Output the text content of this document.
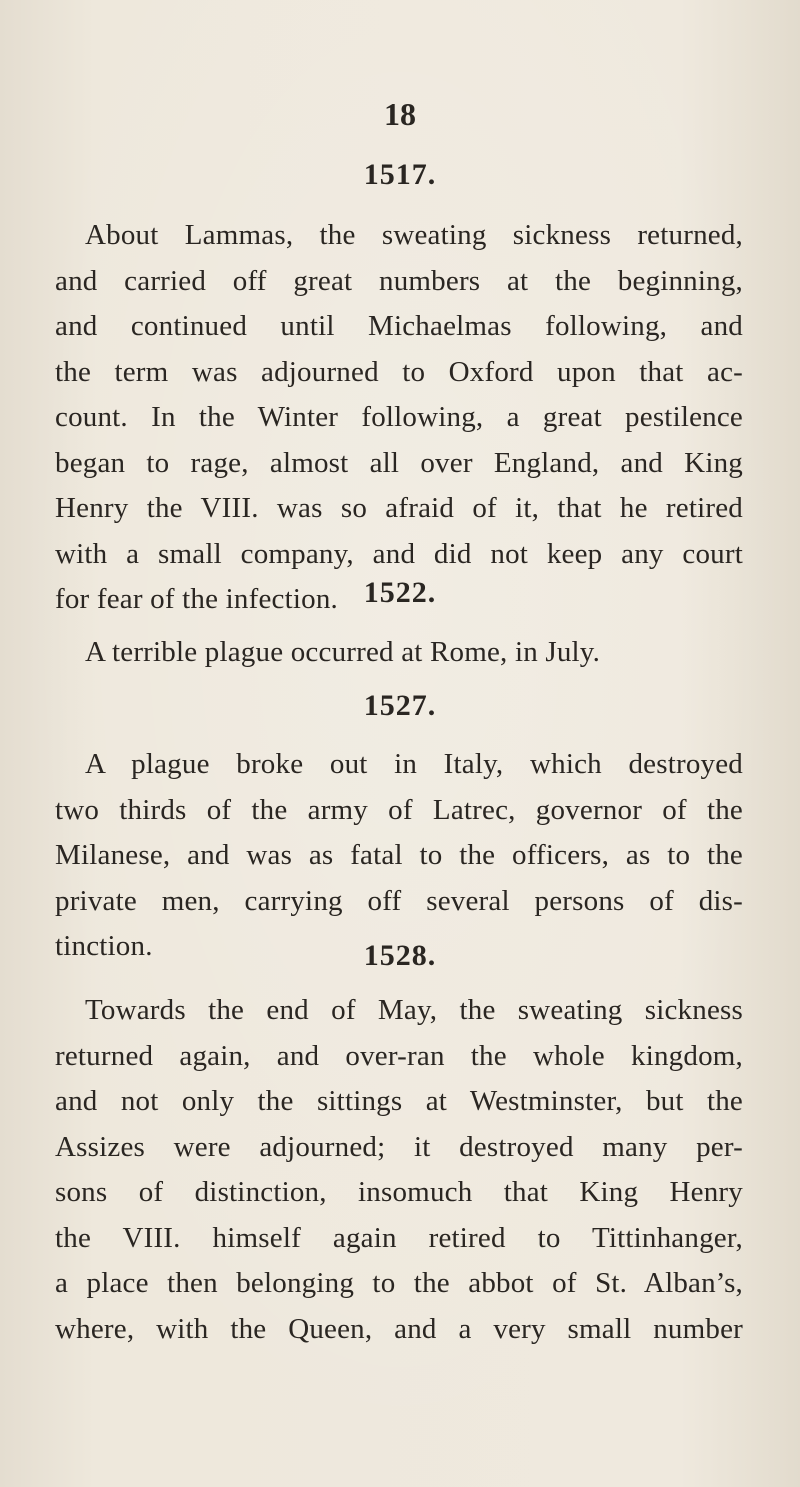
18
1517.
About Lammas, the sweating sickness returned,
and carried off great numbers at the beginning,
and continued until Michaelmas following, and
the term was adjourned to Oxford upon that ac-
count. In the Winter following, a great pestilence
began to rage, almost all over England, and King
Henry the VIII. was so afraid of it, that he retired
with a small company, and did not keep any court
for fear of the infection. 1522.
A terrible plague occurred at Rome, in July.
1527.
A plague broke out in Italy, which destroyed
two thirds of the army of Latrec, governor of the
Milanese, and was as fatal to the officers, as to the
private men, carrying off several persons of dis-
tinction.	1528.
Towards the end of May, the sweating sickness
returned again, and over-ran the whole kingdom,
and not only the sittings at Westminster, but the
Assizes were adjourned; it destroyed many per-
sons of distinction, insomuch that King Henry
the VIII. himself again retired to Tittinhanger,
a place then belonging to the abbot of St. Alban’s,
where, with the Queen, and a very small number
